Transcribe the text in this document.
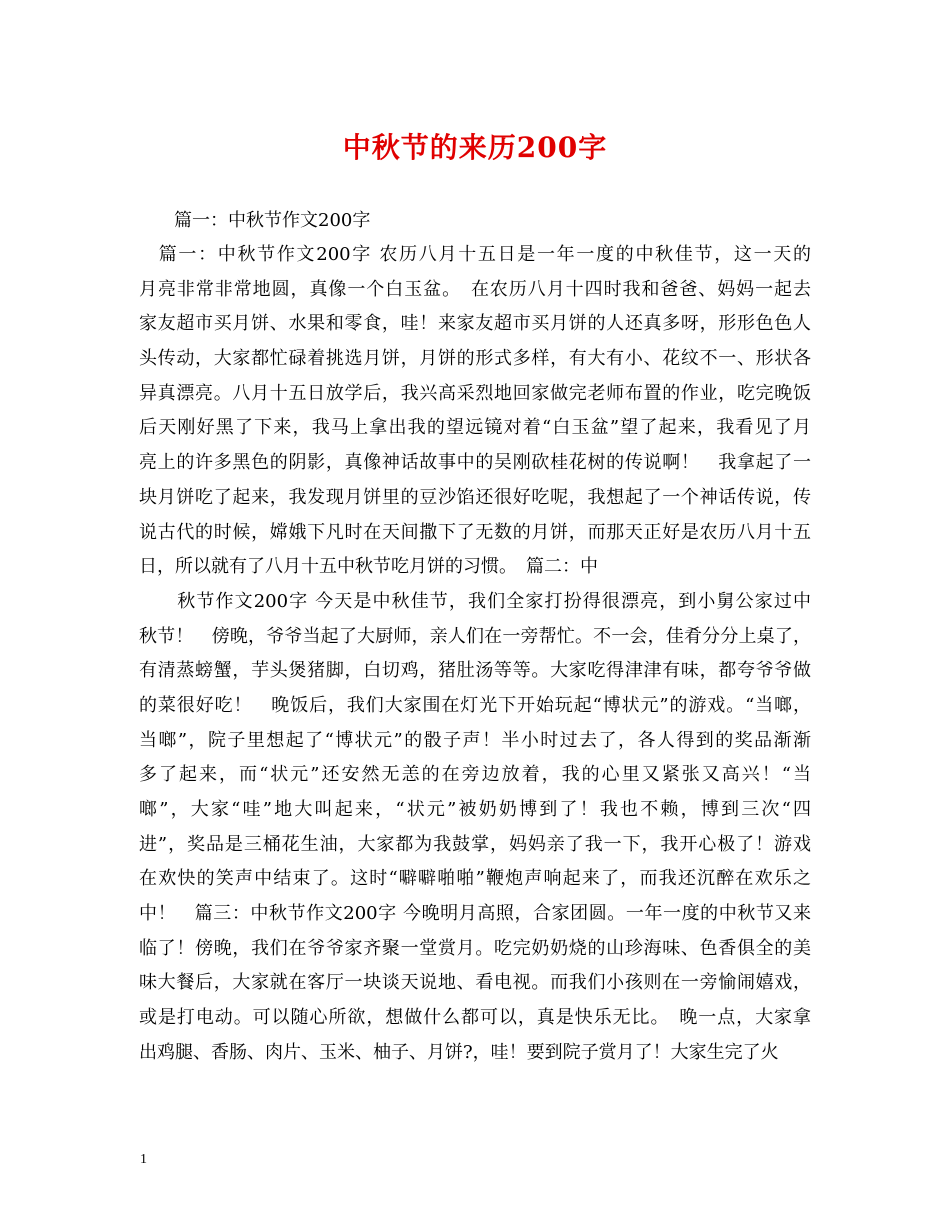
中秋节的来历200字
篇一：中秋节作文200字
　篇一：中秋节作文200字 农历八月十五日是一年一度的中秋佳节，这一天的
月亮非常非常地圆，真像一个白玉盆。　在农历八月十四时我和爸爸、妈妈一起去
家友超市买月饼、水果和零食，哇！来家友超市买月饼的人还真多呀，形形色色人
头传动，大家都忙碌着挑选月饼，月饼的形式多样，有大有小、花纹不一、形状各
异真漂亮。八月十五日放学后，我兴高采烈地回家做完老师布置的作业，吃完晚饭
后天刚好黑了下来，我马上拿出我的望远镜对着“白玉盆”望了起来，我看见了月
亮上的许多黑色的阴影，真像神话故事中的吴刚砍桂花树的传说啊！　我拿起了一
块月饼吃了起来，我发现月饼里的豆沙馅还很好吃呢，我想起了一个神话传说，传
说古代的时候，嫦娥下凡时在天间撒下了无数的月饼，而那天正好是农历八月十五
日，所以就有了八月十五中秋节吃月饼的习惯。　篇二：中
　　秋节作文200字 今天是中秋佳节，我们全家打扮得很漂亮，到小舅公家过中
秋节！　傍晚，爷爷当起了大厨师，亲人们在一旁帮忙。不一会，佳肴分分上桌了，
有清蒸螃蟹，芋头煲猪脚，白切鸡，猪肚汤等等。大家吃得津津有味，都夸爷爷做
的菜很好吃！　晚饭后，我们大家围在灯光下开始玩起“博状元”的游戏。“当啷，
当啷”，院子里想起了“博状元”的骰子声！半小时过去了，各人得到的奖品渐渐
多了起来，而“状元”还安然无恙的在旁边放着，我的心里又紧张又高兴！“当
啷”，大家“哇”地大叫起来，“状元”被奶奶博到了！我也不赖，博到三次“四
进”，奖品是三桶花生油，大家都为我鼓掌，妈妈亲了我一下，我开心极了！游戏
在欢快的笑声中结束了。这时“噼噼啪啪”鞭炮声响起来了，而我还沉醉在欢乐之
中！　篇三：中秋节作文200字 今晚明月高照，合家团圆。一年一度的中秋节又来
临了！傍晚，我们在爷爷家齐聚一堂赏月。吃完奶奶烧的山珍海味、色香俱全的美
味大餐后，大家就在客厅一块谈天说地、看电视。而我们小孩则在一旁愉闹嬉戏，
或是打电动。可以随心所欲，想做什么都可以，真是快乐无比。　晚一点，大家拿
出鸡腿、香肠、肉片、玉米、柚子、月饼?，哇！要到院子赏月了！大家生完了火
1
